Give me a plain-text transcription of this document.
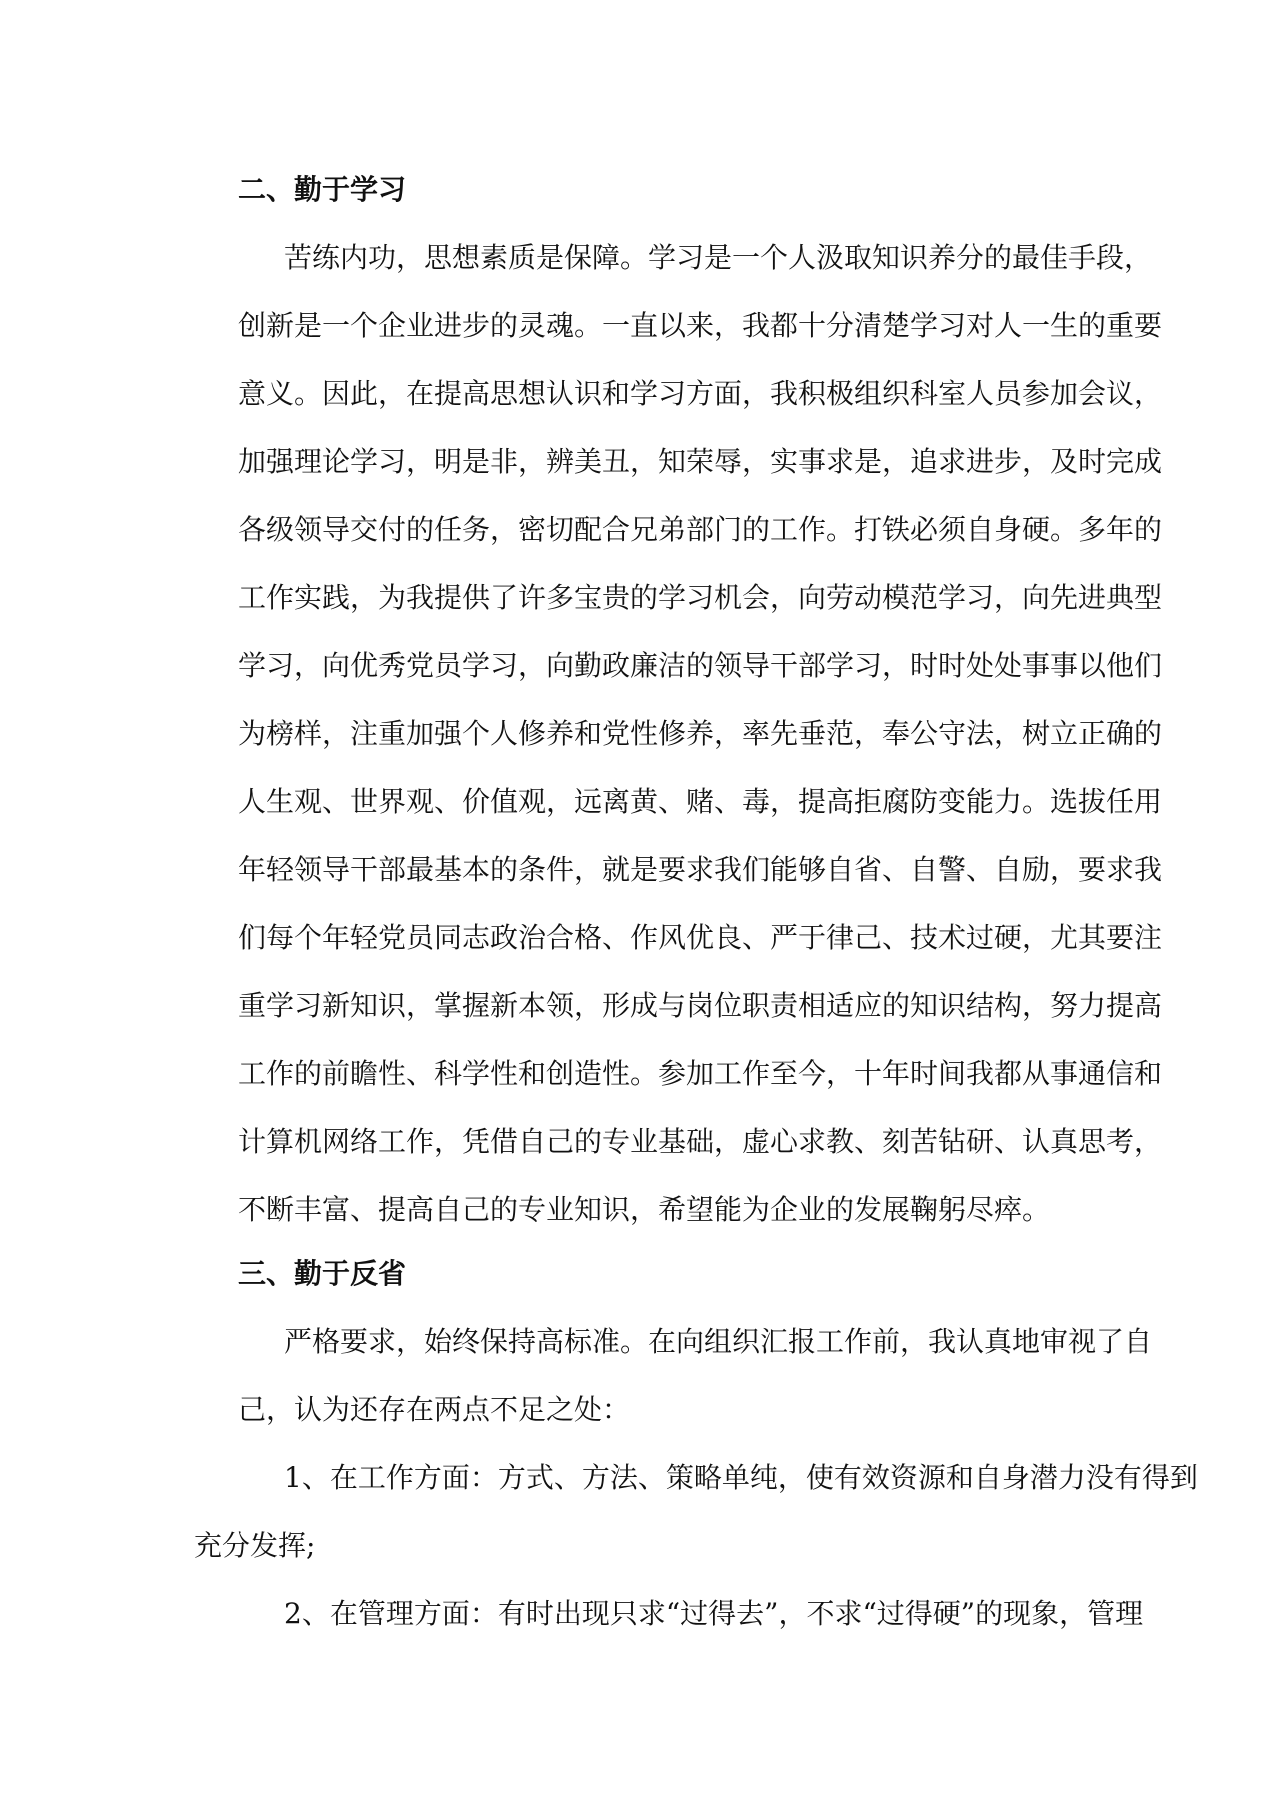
二、勤于学习
苦练内功，思想素质是保障。学习是一个人汲取知识养分的最佳手段，
创新是一个企业进步的灵魂。一直以来，我都十分清楚学习对人一生的重要
意义。因此，在提高思想认识和学习方面，我积极组织科室人员参加会议，
加强理论学习，明是非，辨美丑，知荣辱，实事求是，追求进步，及时完成
各级领导交付的任务，密切配合兄弟部门的工作。打铁必须自身硬。多年的
工作实践，为我提供了许多宝贵的学习机会，向劳动模范学习，向先进典型
学习，向优秀党员学习，向勤政廉洁的领导干部学习，时时处处事事以他们
为榜样，注重加强个人修养和党性修养，率先垂范，奉公守法，树立正确的
人生观、世界观、价值观，远离黄、赌、毒，提高拒腐防变能力。选拔任用
年轻领导干部最基本的条件，就是要求我们能够自省、自警、自励，要求我
们每个年轻党员同志政治合格、作风优良、严于律己、技术过硬，尤其要注
重学习新知识，掌握新本领，形成与岗位职责相适应的知识结构，努力提高
工作的前瞻性、科学性和创造性。参加工作至今，十年时间我都从事通信和
计算机网络工作，凭借自己的专业基础，虚心求教、刻苦钻研、认真思考，
不断丰富、提高自己的专业知识，希望能为企业的发展鞠躬尽瘁。
三、勤于反省
严格要求，始终保持高标准。在向组织汇报工作前，我认真地审视了自
己，认为还存在两点不足之处：
1、在工作方面：方式、方法、策略单纯，使有效资源和自身潜力没有得到
充分发挥;
2、在管理方面：有时出现只求“过得去”，不求“过得硬”的现象，管理
